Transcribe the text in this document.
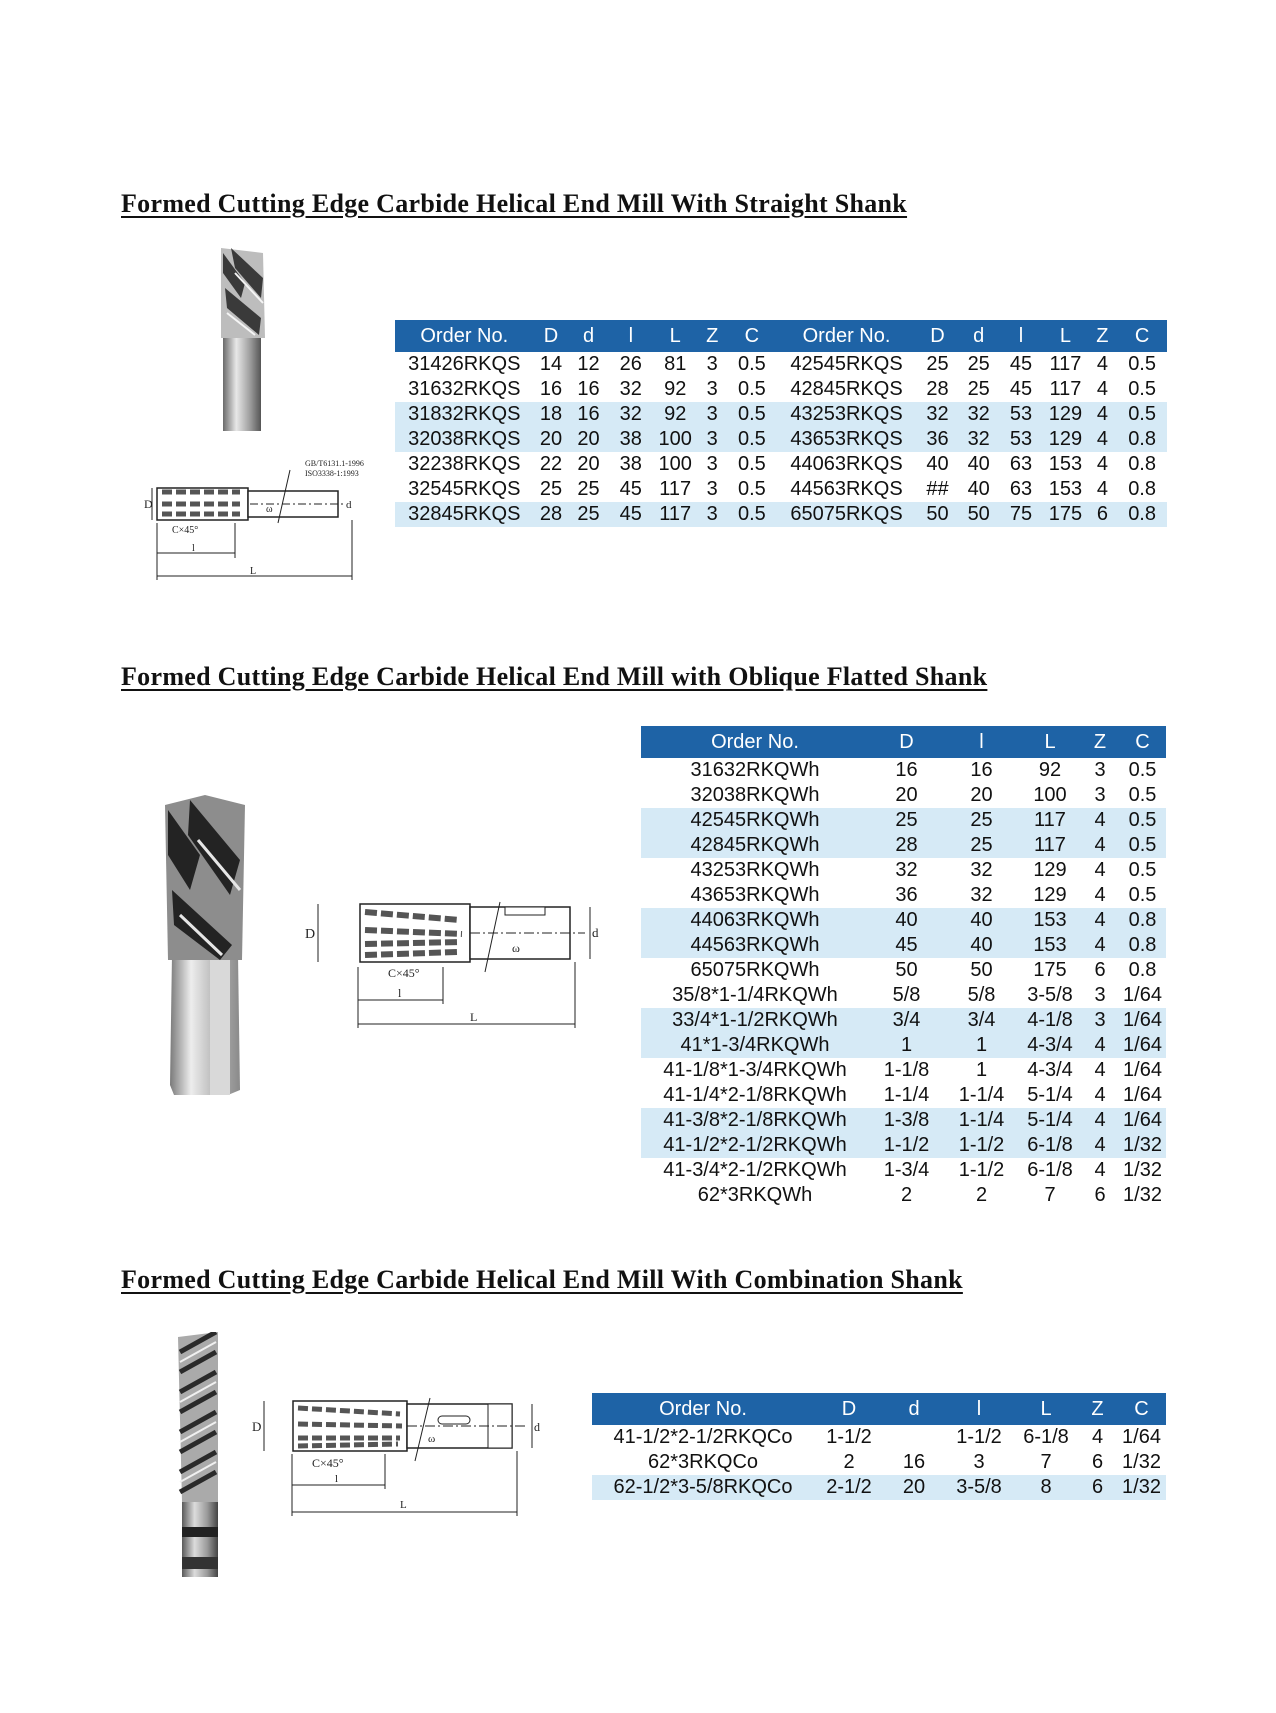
Formed Cutting Edge Carbide Helical End Mill With Straight Shank
GB/T6131.1-1996
ISO3338-1:1993
ω
D	d
C×45°
l
L
Order No.	D	d	l	L	Z	C	Order No.	D	d	l	L	Z	C
31426RKQS	14	12	26	81	3	0.5	42545RKQS	25	25	45	117	4	0.5
31632RKQS	16	16	32	92	3	0.5	42845RKQS	28	25	45	117	4	0.5
31832RKQS	18	16	32	92	3	0.5	43253RKQS	32	32	53	129	4	0.5
32038RKQS	20	20	38	100	3	0.5	43653RKQS	36	32	53	129	4	0.8
32238RKQS	22	20	38	100	3	0.5	44063RKQS	40	40	63	153	4	0.8
32545RKQS	25	25	45	117	3	0.5	44563RKQS	##	40	63	153	4	0.8
32845RKQS	28	25	45	117	3	0.5	65075RKQS	50	50	75	175	6	0.8
Formed Cutting Edge Carbide Helical End Mill with Oblique Flatted Shank
ω
D	d
C×45°
l
L
Order No.	D	l	L	Z	C
31632RKQWh	16	16	92	3	0.5
32038RKQWh	20	20	100	3	0.5
42545RKQWh	25	25	117	4	0.5
42845RKQWh	28	25	117	4	0.5
43253RKQWh	32	32	129	4	0.5
43653RKQWh	36	32	129	4	0.5
44063RKQWh	40	40	153	4	0.8
44563RKQWh	45	40	153	4	0.8
65075RKQWh	50	50	175	6	0.8
35/8*1-1/4RKQWh	5/8	5/8	3-5/8	3	1/64
33/4*1-1/2RKQWh	3/4	3/4	4-1/8	3	1/64
41*1-3/4RKQWh	1	1	4-3/4	4	1/64
41-1/8*1-3/4RKQWh	1-1/8	1	4-3/4	4	1/64
41-1/4*2-1/8RKQWh	1-1/4	1-1/4	5-1/4	4	1/64
41-3/8*2-1/8RKQWh	1-3/8	1-1/4	5-1/4	4	1/64
41-1/2*2-1/2RKQWh	1-1/2	1-1/2	6-1/8	4	1/32
41-3/4*2-1/2RKQWh	1-3/4	1-1/2	6-1/8	4	1/32
62*3RKQWh	2	2	7	6	1/32
Formed Cutting Edge Carbide Helical End Mill With Combination Shank
ω
D	d
C×45°
l
L
Order No.	D	d	l	L	Z	C
41-1/2*2-1/2RKQCo	1-1/2		1-1/2	6-1/8	4	1/64
62*3RKQCo	2	16	3	7	6	1/32
62-1/2*3-5/8RKQCo	2-1/2	20	3-5/8	8	6	1/32
